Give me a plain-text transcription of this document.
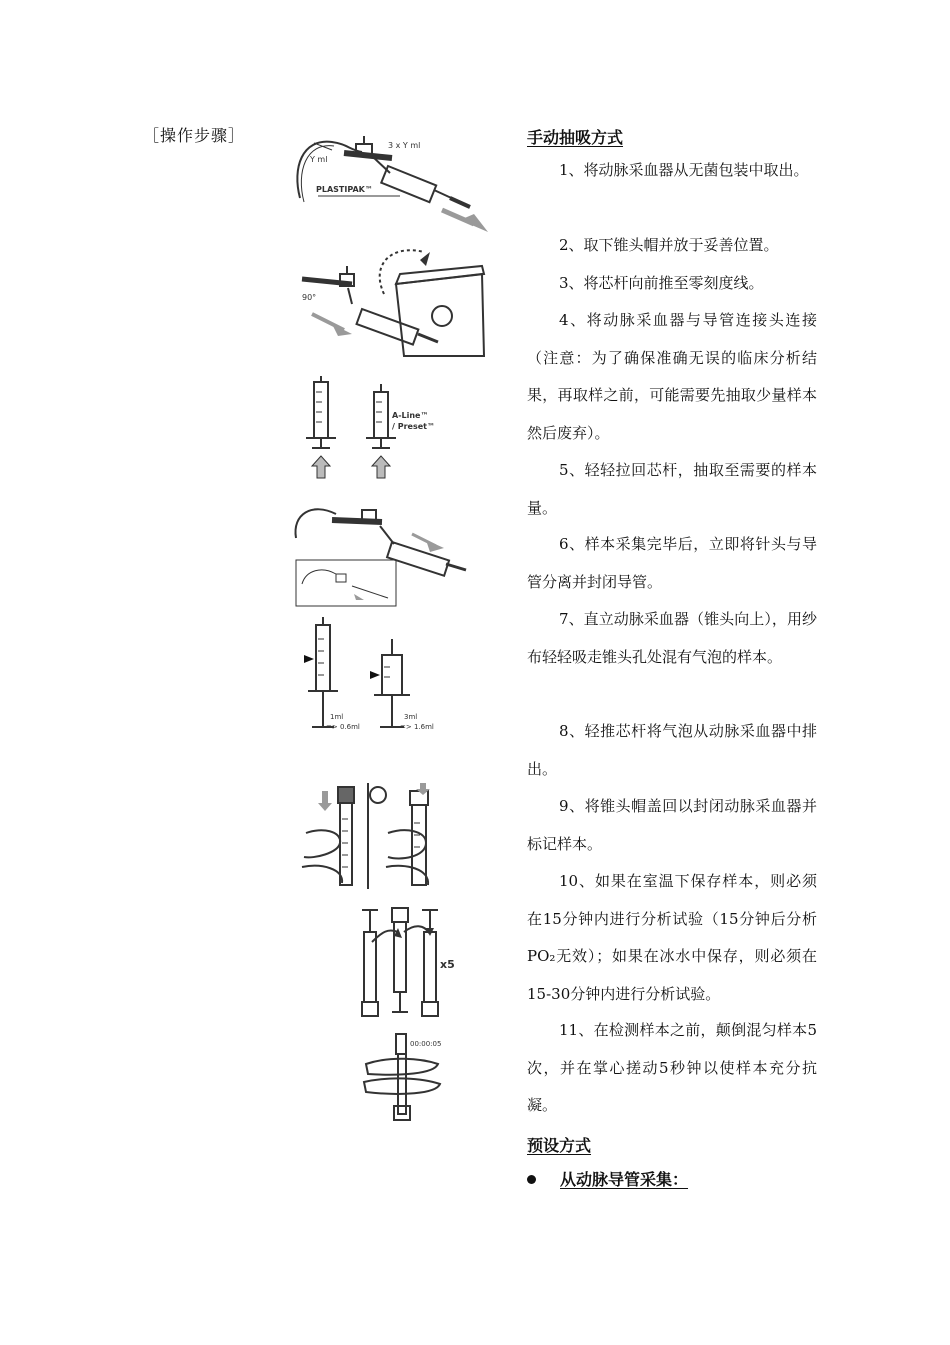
［操作步骤］
Y ml
3 x Y ml
PLASTIPAK™
90°
A-Line™
/ Preset™
1ml
=> 0.6ml
3ml
=> 1.6ml
x5
00:00:05
手动抽吸方式
1、将动脉采血器从无菌包装中取出。
2、取下锥头帽并放于妥善位置。
3、将芯杆向前推至零刻度线。
4、将动脉采血器与导管连接头连接（注意：为了确保准确无误的临床分析结果，再取样之前，可能需要先抽取少量样本然后废弃）。
5、轻轻拉回芯杆，抽取至需要的样本量。
6、样本采集完毕后，立即将针头与导管分离并封闭导管。
7、直立动脉采血器（锥头向上），用纱布轻轻吸走锥头孔处混有气泡的样本。
8、轻推芯杆将气泡从动脉采血器中排出。
9、将锥头帽盖回以封闭动脉采血器并标记样本。
10、如果在室温下保存样本，则必须在15分钟内进行分析试验（15分钟后分析PO₂无效）；如果在冰水中保存，则必须在15-30分钟内进行分析试验。
11、在检测样本之前，颠倒混匀样本5次，并在掌心搓动5秒钟以使样本充分抗凝。
预设方式
从动脉导管采集：
